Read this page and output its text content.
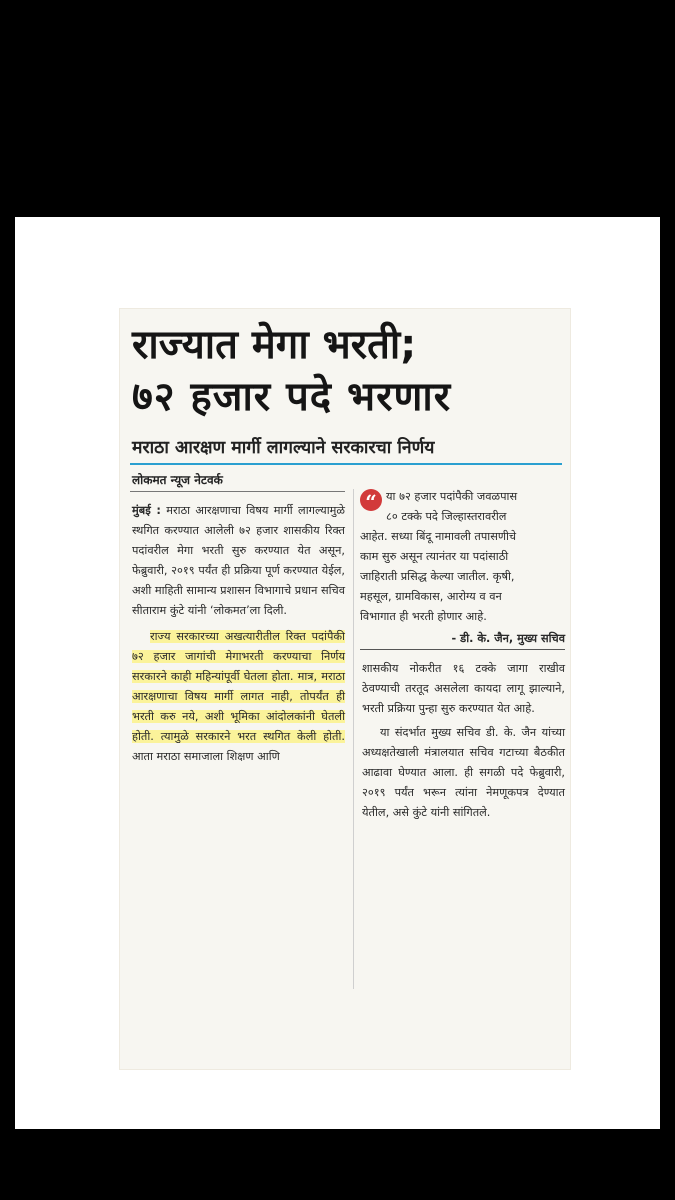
राज्यात मेगा भरती;
७२ हजार पदे भरणार
मराठा आरक्षण मार्गी लागल्याने सरकारचा निर्णय
लोकमत न्यूज नेटवर्क

मुंबई : मराठा आरक्षणाचा विषय मार्गी लागल्यामुळे स्थगित करण्यात आलेली ७२ हजार शासकीय रिक्त पदांवरील मेगा भरती सुरु करण्यात येत असून, फेब्रुवारी, २०१९ पर्यंत ही प्रक्रिया पूर्ण करण्यात येईल, अशी माहिती सामान्य प्रशासन विभागाचे प्रधान सचिव सीताराम कुंटे यांनी ‘लोकमत’ला दिली.

राज्य सरकारच्या अखत्यारीतील रिक्त पदांपैकी ७२ हजार जागांची मेगाभरती करण्याचा निर्णय सरकारने काही महिन्यांपूर्वी घेतला होता. मात्र, मराठा आरक्षणाचा विषय मार्गी लागत नाही, तोपर्यंत ही भरती करु नये, अशी भूमिका आंदोलकांनी घेतली होती. त्यामुळे सरकारने भरत स्थगित केली होती. आता मराठा समाजाला शिक्षण आणि

“ या ७२ हजार पदांपैकी जवळपास
८० टक्के पदे जिल्हास्तरावरील
आहेत. सध्या बिंदू नामावली तपासणीचे
काम सुरु असून त्यानंतर या पदांसाठी
जाहिराती प्रसिद्ध केल्या जातील. कृषी,
महसूल, ग्रामविकास, आरोग्य व वन
विभागात ही भरती होणार आहे.
- डी. के. जैन, मुख्य सचिव

शासकीय नोकरीत १६ टक्के जागा राखीव ठेवण्याची तरतूद असलेला कायदा लागू झाल्याने, भरती प्रक्रिया पुन्हा सुरु करण्यात येत आहे.

या संदर्भात मुख्य सचिव डी. के. जैन यांच्या अध्यक्षतेखाली मंत्रालयात सचिव गटाच्या बैठकीत आढावा घेण्यात आला. ही सगळी पदे फेब्रुवारी, २०१९ पर्यंत भरून त्यांना नेमणूकपत्र देण्यात येतील, असे कुंटे यांनी सांगितले.
